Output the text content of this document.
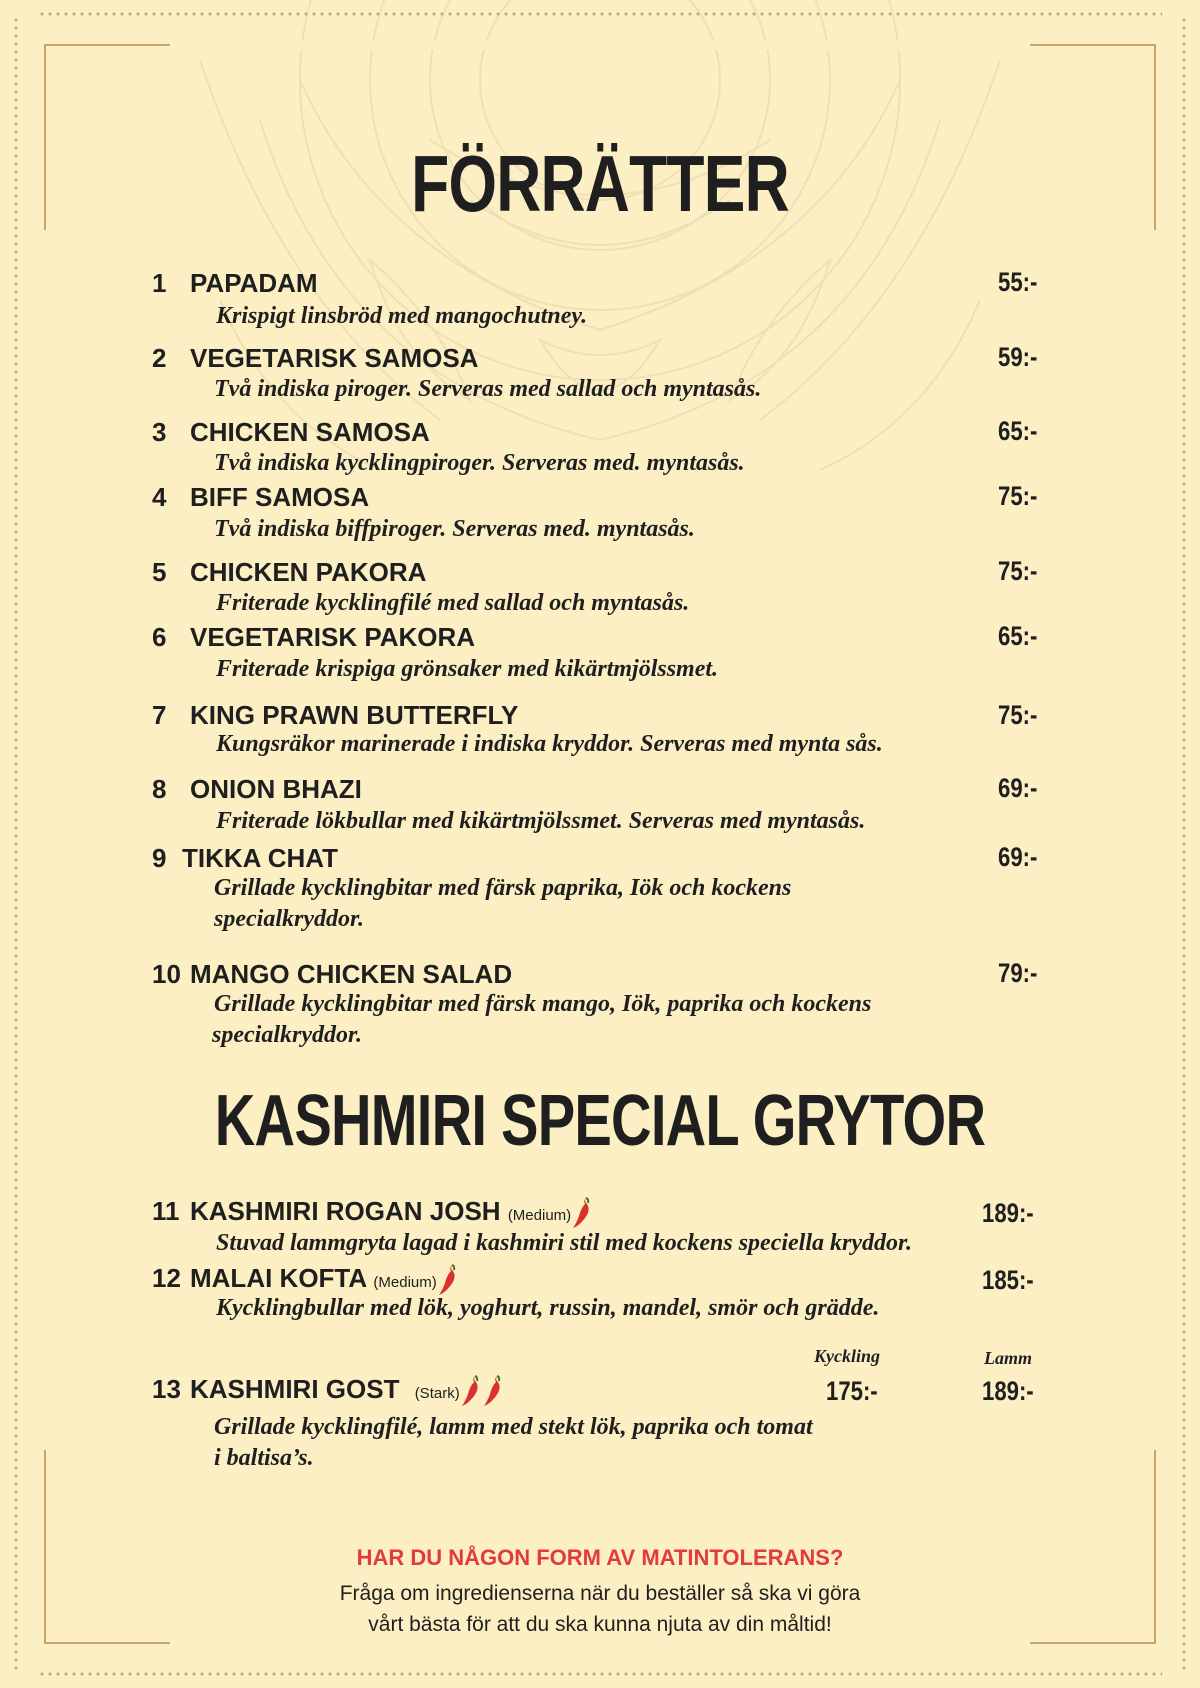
FÖRRÄTTER
1 PAPADAM	55:-
Krispigt linsbröd med mangochutney.
2 VEGETARISK SAMOSA	59:-
Två indiska piroger. Serveras med sallad och myntasås.
3 CHICKEN SAMOSA	65:-
Två indiska kycklingpiroger. Serveras med. myntasås.
4 BIFF SAMOSA	75:-
Två indiska biffpiroger. Serveras med. myntasås.
5 CHICKEN PAKORA	75:-
Friterade kycklingfilé med sallad och myntasås.
6 VEGETARISK PAKORA	65:-
Friterade krispiga grönsaker med kikärtmjölssmet.
7 KING PRAWN BUTTERFLY	75:-
Kungsräkor marinerade i indiska kryddor. Serveras med mynta sås.
8 ONION BHAZI	69:-
Friterade lökbullar med kikärtmjölssmet. Serveras med myntasås.
9 TIKKA CHAT	69:-
Grillade kycklingbitar med färsk paprika, Iök och kockens
specialkryddor.
10 MANGO CHICKEN SALAD	79:-
Grillade kycklingbitar med färsk mango, Iök, paprika och kockens
specialkryddor.
KASHMIRI SPECIAL GRYTOR
11 KASHMIRI ROGAN JOSH (Medium)	189:-
Stuvad lammgryta lagad i kashmiri stil med kockens speciella kryddor.
12 MALAI KOFTA (Medium)	185:-
Kycklingbullar med lök, yoghurt, russin, mandel, smör och grädde.
Kyckling	Lamm
13 KASHMIRI GOST (Stark)	175:-	189:-
Grillade kycklingfilé, lamm med stekt lök, paprika och tomat
i baltisa’s.
HAR DU NÅGON FORM AV MATINTOLERANS?
Fråga om ingredienserna när du beställer så ska vi göra
vårt bästa för att du ska kunna njuta av din måltid!
